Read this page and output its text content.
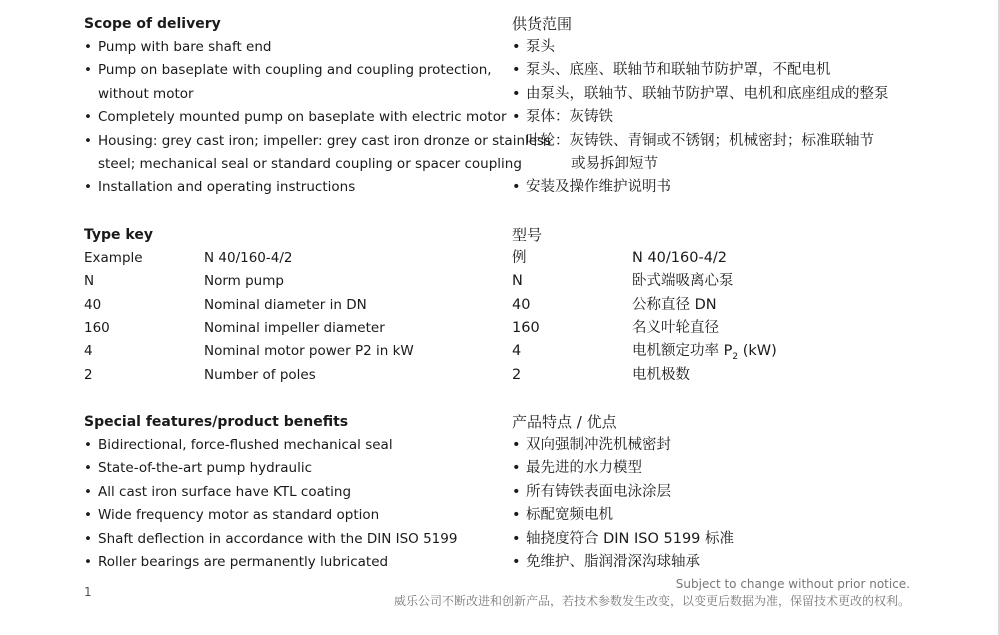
Scope of delivery
• Pump with bare shaft end
• Pump on baseplate with coupling and coupling protection,
without motor
• Completely mounted pump on baseplate with electric motor
• Housing: grey cast iron; impeller: grey cast iron dronze or stainless
steel; mechanical seal or standard coupling or spacer coupling
• Installation and operating instructions
Type key
Example	N 40/160-4/2
N	Norm pump
40	Nominal diameter in DN
160	Nominal impeller diameter
4	Nominal motor power P2 in kW
2	Number of poles
Special features/product benefits
• Bidirectional, force-flushed mechanical seal
• State-of-the-art pump hydraulic
• All cast iron surface have KTL coating
• Wide frequency motor as standard option
• Shaft deflection in accordance with the DIN ISO 5199
• Roller bearings are permanently lubricated
供货范围
• 泵头
• 泵头、底座、联轴节和联轴节防护罩，不配电机
• 由泵头，联轴节、联轴节防护罩、电机和底座组成的整泵
• 泵体：灰铸铁
叶轮：灰铸铁、青铜或不锈钢；机械密封；标准联轴节
或易拆卸短节
• 安装及操作维护说明书
型号
例	N 40/160-4/2
N	卧式端吸离心泵
40	公称直径 DN
160	名义叶轮直径
4	电机额定功率 $P_2$ (kW)
2	电机极数
产品特点 / 优点
• 双向强制冲洗机械密封
• 最先进的水力模型
• 所有铸铁表面电泳涂层
• 标配宽频电机
• 轴挠度符合 DIN ISO 5199 标准
• 免维护、脂润滑深沟球轴承
1
Subject to change without prior notice.
威乐公司不断改进和创新产品，若技术参数发生改变，以变更后数据为准，保留技术更改的权利。
